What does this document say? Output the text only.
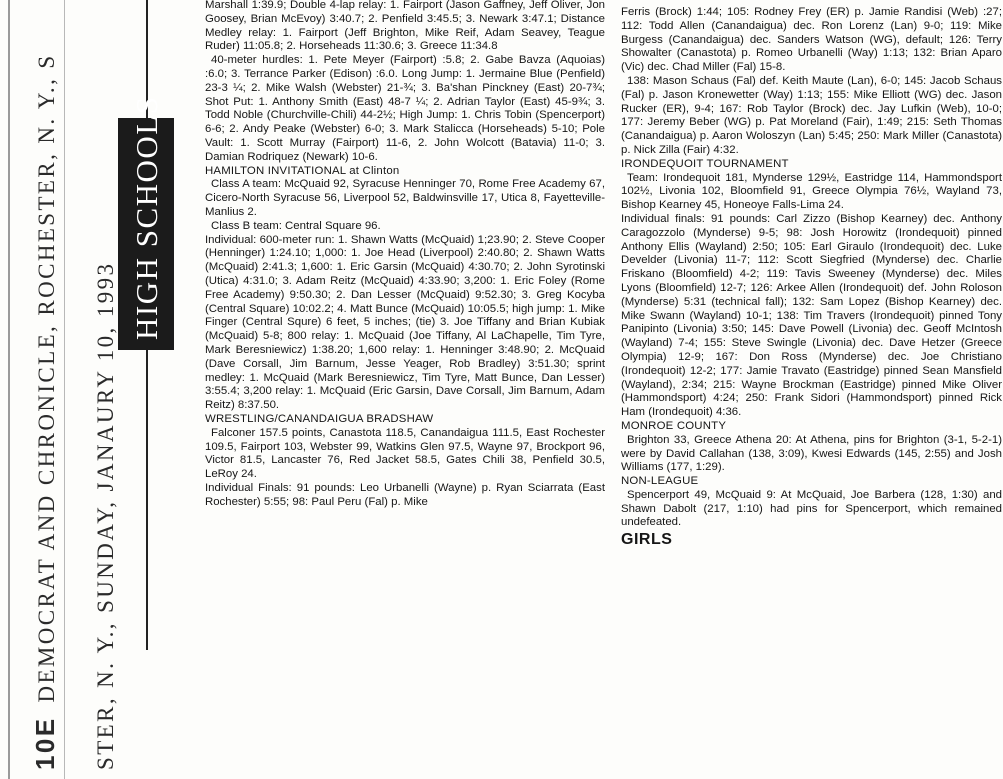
10EDEMOCRAT AND CHRONICLE, ROCHESTER, N. Y., S STER, N. Y., SUNDAY, JANAURY 10, 1993
HIGH SCHOOLS

Marshall 1:39.9; Double 4-lap relay: 1. Fairport (Jason Gaffney, Jeff Oliver, Jon Goosey, Brian McEvoy) 3:40.7; 2. Penfield 3:45.5; 3. Newark 3:47.1; Distance Medley relay: 1. Fairport (Jeff Brighton, Mike Reif, Adam Seavey, Teague Ruder) 11:05.8; 2. Horseheads 11:30.6; 3. Greece 11:34.8

40-meter hurdles: 1. Pete Meyer (Fairport) :5.8; 2. Gabe Bavza (Aquoias) :6.0; 3. Terrance Parker (Edison) :6.0. Long Jump: 1. Jermaine Blue (Penfield) 23-3 ¼; 2. Mike Walsh (Webster) 21-¾; 3. Ba'shan Pinckney (East) 20-7¾; Shot Put: 1. Anthony Smith (East) 48-7 ¼; 2. Adrian Taylor (East) 45-9¾; 3. Todd Noble (Churchville-Chili) 44-2½; High Jump: 1. Chris Tobin (Spencerport) 6-6; 2. Andy Peake (Webster) 6-0; 3. Mark Stalicca (Horseheads) 5-10; Pole Vault: 1. Scott Murray (Fairport) 11-6, 2. John Wolcott (Batavia) 11-0; 3. Damian Rodriquez (Newark) 10-6.

HAMILTON INVITATIONAL at Clinton

Class A team: McQuaid 92, Syracuse Henninger 70, Rome Free Academy 67, Cicero-North Syracuse 56, Liverpool 52, Baldwinsville 17, Utica 8, Fayetteville-Manlius 2.

Class B team: Central Square 96.

Individual: 600-meter run: 1. Shawn Watts (McQuaid) 1;23.90; 2. Steve Cooper (Henninger) 1:24.10; 1,000: 1. Joe Head (Liverpool) 2:40.80; 2. Shawn Watts (McQuaid) 2:41.3; 1,600: 1. Eric Garsin (McQuaid) 4:30.70; 2. John Syrotinski (Utica) 4:31.0; 3. Adam Reitz (McQuaid) 4:33.90; 3,200: 1. Eric Foley (Rome Free Academy) 9:50.30; 2. Dan Lesser (McQuaid) 9:52.30; 3. Greg Kocyba (Central Square) 10:02.2; 4. Matt Bunce (McQuaid) 10:05.5; high jump: 1. Mike Finger (Central Squre) 6 feet, 5 inches; (tie) 3. Joe Tiffany and Brian Kubiak (McQuaid) 5-8; 800 relay: 1. McQuaid (Joe Tiffany, Al LaChapelle, Tim Tyre, Mark Beresniewicz) 1:38.20; 1,600 relay: 1. Henninger 3:48.90; 2. McQuaid (Dave Corsall, Jim Barnum, Jesse Yeager, Rob Bradley) 3:51.30; sprint medley: 1. McQuaid (Mark Beresniewicz, Tim Tyre, Matt Bunce, Dan Lesser) 3:55.4; 3,200 relay: 1. McQuaid (Eric Garsin, Dave Corsall, Jim Barnum, Adam Reitz) 8:37.50.

WRESTLING/CANANDAIGUA BRADSHAW

Falconer 157.5 points, Canastota 118.5, Canandaigua 111.5, East Rochester 109.5, Fairport 103, Webster 99, Watkins Glen 97.5, Wayne 97, Brockport 96, Victor 81.5, Lancaster 76, Red Jacket 58.5, Gates Chili 38, Penfield 30.5, LeRoy 24.

Individual Finals: 91 pounds: Leo Urbanelli (Wayne) p. Ryan Sciarrata (East Rochester) 5:55; 98: Paul Peru (Fal) p. Mike

Ferris (Brock) 1:44; 105: Rodney Frey (ER) p. Jamie Randisi (Web) :27; 112: Todd Allen (Canandaigua) dec. Ron Lorenz (Lan) 9-0; 119: Mike Burgess (Canandaigua) dec. Sanders Watson (WG), default; 126: Terry Showalter (Canastota) p. Romeo Urbanelli (Way) 1:13; 132: Brian Aparo (Vic) dec. Chad Miller (Fal) 15-8.

138: Mason Schaus (Fal) def. Keith Maute (Lan), 6-0; 145: Jacob Schaus (Fal) p. Jason Kronewetter (Way) 1:13; 155: Mike Elliott (WG) dec. Jason Rucker (ER), 9-4; 167: Rob Taylor (Brock) dec. Jay Lufkin (Web), 10-0; 177: Jeremy Beber (WG) p. Pat Moreland (Fair), 1:49; 215: Seth Thomas (Canandaigua) p. Aaron Woloszyn (Lan) 5:45; 250: Mark Miller (Canastota) p. Nick Zilla (Fair) 4:32.

IRONDEQUOIT TOURNAMENT

Team: Irondequoit 181, Mynderse 129½, Eastridge 114, Hammondsport 102½, Livonia 102, Bloomfield 91, Greece Olympia 76½, Wayland 73, Bishop Kearney 45, Honeoye Falls-Lima 24.

Individual finals: 91 pounds: Carl Zizzo (Bishop Kearney) dec. Anthony Caragozzolo (Mynderse) 9-5; 98: Josh Horowitz (Irondequoit) pinned Anthony Ellis (Wayland) 2:50; 105: Earl Giraulo (Irondequoit) dec. Luke Develder (Livonia) 11-7; 112: Scott Siegfried (Mynderse) dec. Charlie Friskano (Bloomfield) 4-2; 119: Tavis Sweeney (Mynderse) dec. Miles Lyons (Bloomfield) 12-7; 126: Arkee Allen (Irondequoit) def. John Roloson (Mynderse) 5:31 (technical fall); 132: Sam Lopez (Bishop Kearney) dec. Mike Swann (Wayland) 10-1; 138: Tim Travers (Irondequoit) pinned Tony Panipinto (Livonia) 3:50; 145: Dave Powell (Livonia) dec. Geoff McIntosh (Wayland) 7-4; 155: Steve Swingle (Livonia) dec. Dave Hetzer (Greece Olympia) 12-9; 167: Don Ross (Mynderse) dec. Joe Christiano (Irondequoit) 12-2; 177: Jamie Travato (Eastridge) pinned Sean Mansfield (Wayland), 2:34; 215: Wayne Brockman (Eastridge) pinned Mike Oliver (Hammondsport) 4:24; 250: Frank Sidori (Hammondsport) pinned Rick Ham (Irondequoit) 4:36.

MONROE COUNTY

Brighton 33, Greece Athena 20: At Athena, pins for Brighton (3-1, 5-2-1) were by David Callahan (138, 3:09), Kwesi Edwards (145, 2:55) and Josh Williams (177, 1:29).

NON-LEAGUE

Spencerport 49, McQuaid 9: At McQuaid, Joe Barbera (128, 1:30) and Shawn Dabolt (217, 1:10) had pins for Spencerport, which remained undefeated.

GIRLS
